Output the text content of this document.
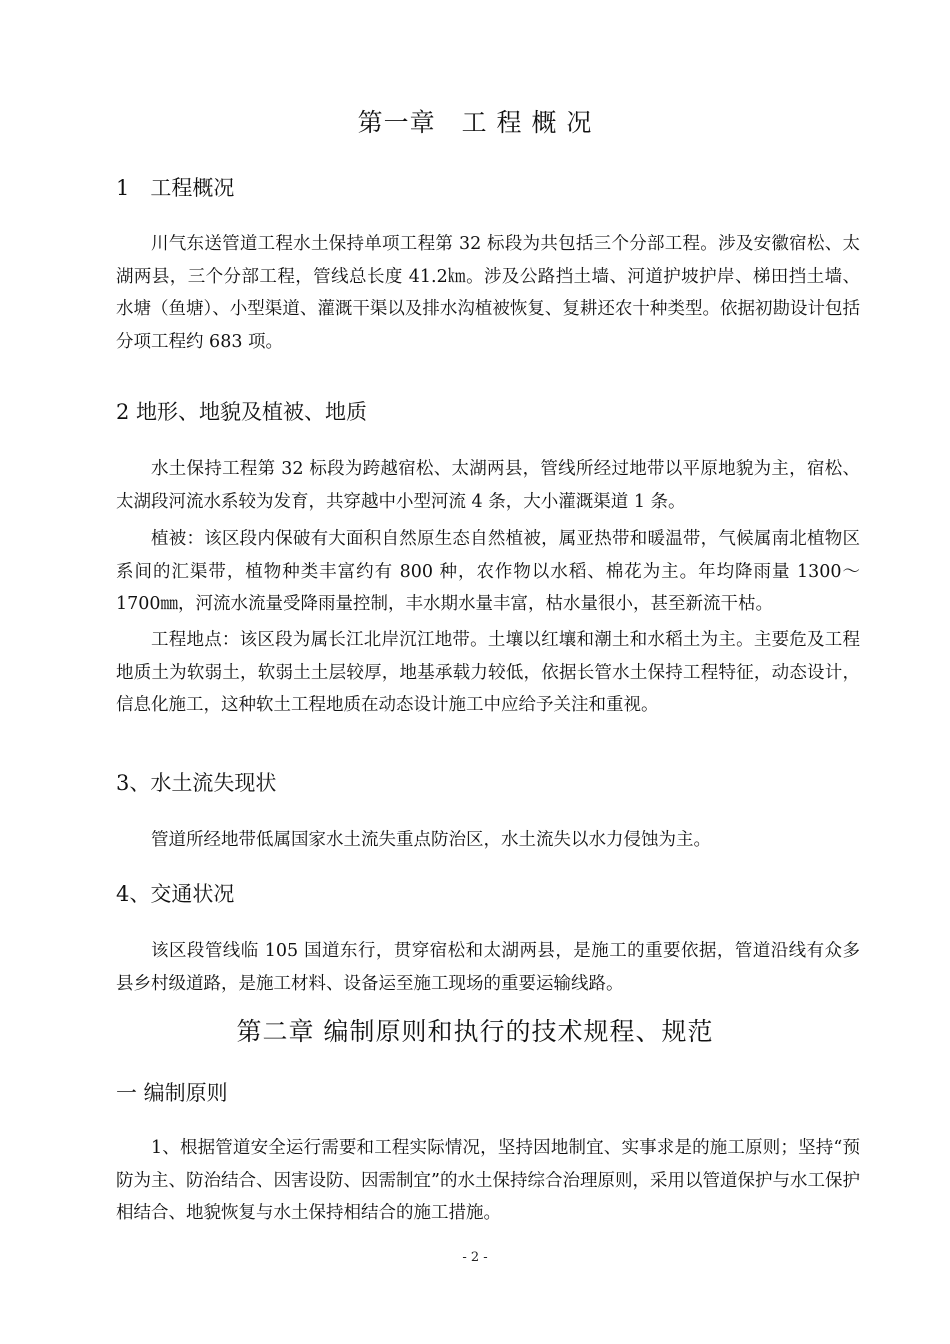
第一章　工 程 概 况
1　工程概况
川气东送管道工程水土保持单项工程第 32 标段为共包括三个分部工程。涉及安徽宿松、太湖两县，三个分部工程，管线总长度 41.2㎞。涉及公路挡土墙、河道护坡护岸、梯田挡土墙、水塘（鱼塘）、小型渠道、灌溉干渠以及排水沟植被恢复、复耕还农十种类型。依据初勘设计包括分项工程约 683 项。
2 地形、地貌及植被、地质
水土保持工程第 32 标段为跨越宿松、太湖两县，管线所经过地带以平原地貌为主，宿松、太湖段河流水系较为发育，共穿越中小型河流 4 条，大小灌溉渠道 1 条。
植被：该区段内保破有大面积自然原生态自然植被，属亚热带和暖温带，气候属南北植物区系间的汇渠带，植物种类丰富约有 800 种，农作物以水稻、棉花为主。年均降雨量 1300～1700㎜，河流水流量受降雨量控制，丰水期水量丰富，枯水量很小，甚至新流干枯。
工程地点：该区段为属长江北岸沉江地带。土壤以红壤和潮土和水稻土为主。主要危及工程地质土为软弱土，软弱土土层较厚，地基承载力较低，依据长管水土保持工程特征，动态设计，信息化施工，这种软土工程地质在动态设计施工中应给予关注和重视。
3、水土流失现状
管道所经地带低属国家水土流失重点防治区，水土流失以水力侵蚀为主。
4、交通状况
该区段管线临 105 国道东行，贯穿宿松和太湖两县，是施工的重要依据，管道沿线有众多县乡村级道路，是施工材料、设备运至施工现场的重要运输线路。
第二章 编制原则和执行的技术规程、规范
一 编制原则
1、根据管道安全运行需要和工程实际情况，坚持因地制宜、实事求是的施工原则；坚持“预防为主、防治结合、因害设防、因需制宜”的水土保持综合治理原则，采用以管道保护与水工保护相结合、地貌恢复与水土保持相结合的施工措施。
- 2 -
